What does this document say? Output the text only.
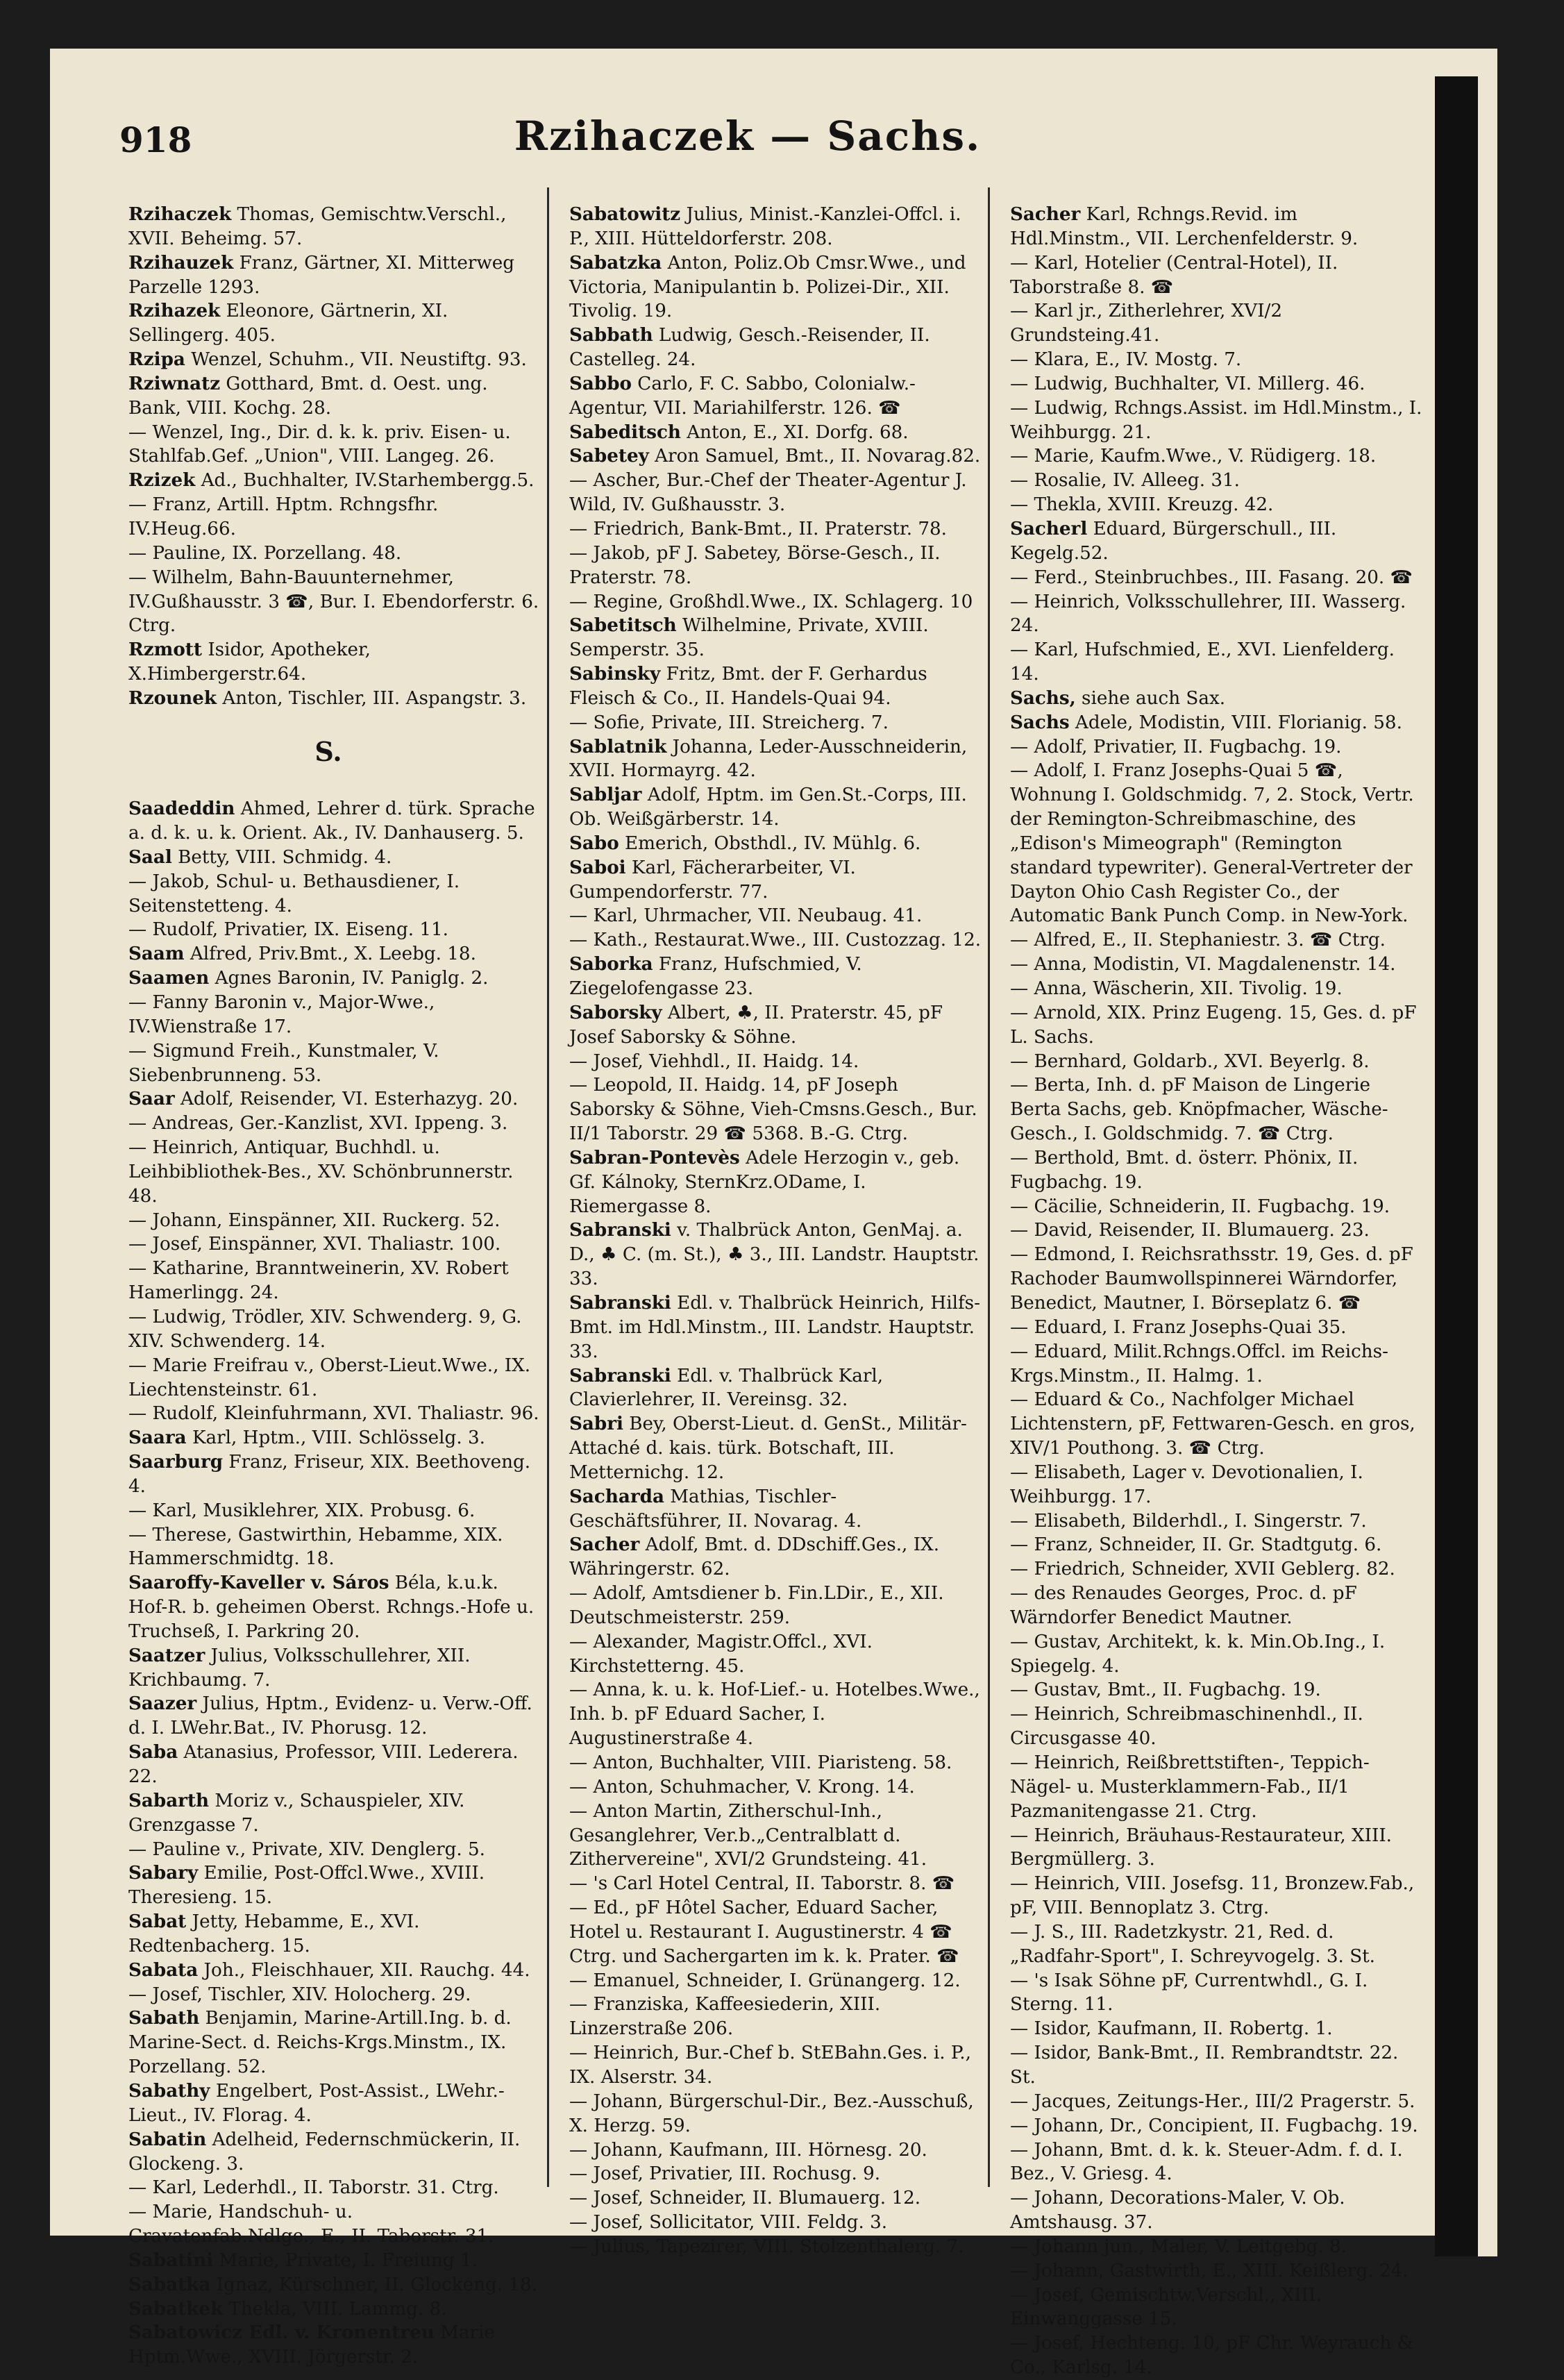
918	Rzihaczek — Sachs.

Rzihaczek Thomas, Gemischtw.Verschl., XVII. Beheimg. 57.

Rzihauzek Franz, Gärtner, XI. Mitterweg Parzelle 1293.

Rzihazek Eleonore, Gärtnerin, XI. Sellingerg. 405.

Rzipa Wenzel, Schuhm., VII. Neustiftg. 93.

Rziwnatz Gotthard, Bmt. d. Oest. ung. Bank, VIII. Kochg. 28.

— Wenzel, Ing., Dir. d. k. k. priv. Eisen- u. Stahlfab.Gef. „Union", VIII. Langeg. 26.

Rzizek Ad., Buchhalter, IV.Starhembergg.5.

— Franz, Artill. Hptm. Rchngsfhr. IV.Heug.66.

— Pauline, IX. Porzellang. 48.

— Wilhelm, Bahn-Bauunternehmer, IV.Gußhausstr. 3 ☎, Bur. I. Ebendorferstr. 6. Ctrg.

Rzmott Isidor, Apotheker, X.Himbergerstr.64.

Rzounek Anton, Tischler, III. Aspangstr. 3.

S.

Saadeddin Ahmed, Lehrer d. türk. Sprache a. d. k. u. k. Orient. Ak., IV. Danhauserg. 5.

Saal Betty, VIII. Schmidg. 4.

— Jakob, Schul- u. Bethausdiener, I. Seitenstetteng. 4.

— Rudolf, Privatier, IX. Eiseng. 11.

Saam Alfred, Priv.Bmt., X. Leebg. 18.

Saamen Agnes Baronin, IV. Paniglg. 2.

— Fanny Baronin v., Major-Wwe., IV.Wienstraße 17.

— Sigmund Freih., Kunstmaler, V. Siebenbrunneng. 53.

Saar Adolf, Reisender, VI. Esterhazyg. 20.

— Andreas, Ger.-Kanzlist, XVI. Ippeng. 3.

— Heinrich, Antiquar, Buchhdl. u. Leihbibliothek-Bes., XV. Schönbrunnerstr. 48.

— Johann, Einspänner, XII. Ruckerg. 52.

— Josef, Einspänner, XVI. Thaliastr. 100.

— Katharine, Branntweinerin, XV. Robert Hamerlingg. 24.

— Ludwig, Trödler, XIV. Schwenderg. 9, G. XIV. Schwenderg. 14.

— Marie Freifrau v., Oberst-Lieut.Wwe., IX. Liechtensteinstr. 61.

— Rudolf, Kleinfuhrmann, XVI. Thaliastr. 96.

Saara Karl, Hptm., VIII. Schlösselg. 3.

Saarburg Franz, Friseur, XIX. Beethoveng. 4.

— Karl, Musiklehrer, XIX. Probusg. 6.

— Therese, Gastwirthin, Hebamme, XIX. Hammerschmidtg. 18.

Saaroffy-Kaveller v. Sáros Béla, k.u.k. Hof-R. b. geheimen Oberst. Rchngs.-Hofe u. Truchseß, I. Parkring 20.

Saatzer Julius, Volksschullehrer, XII. Krichbaumg. 7.

Saazer Julius, Hptm., Evidenz- u. Verw.-Off. d. I. LWehr.Bat., IV. Phorusg. 12.

Saba Atanasius, Professor, VIII. Lederera. 22.

Sabarth Moriz v., Schauspieler, XIV. Grenzgasse 7.

— Pauline v., Private, XIV. Denglerg. 5.

Sabary Emilie, Post-Offcl.Wwe., XVIII. Theresieng. 15.

Sabat Jetty, Hebamme, E., XVI. Redtenbacherg. 15.

Sabata Joh., Fleischhauer, XII. Rauchg. 44.

— Josef, Tischler, XIV. Holocherg. 29.

Sabath Benjamin, Marine-Artill.Ing. b. d. Marine-Sect. d. Reichs-Krgs.Minstm., IX. Porzellang. 52.

Sabathy Engelbert, Post-Assist., LWehr.-Lieut., IV. Florag. 4.

Sabatin Adelheid, Federnschmückerin, II. Glockeng. 3.

— Karl, Lederhdl., II. Taborstr. 31. Ctrg.

— Marie, Handschuh- u. Cravatenfab.Ndlge., E., II. Taborstr. 31.

Sabatini Marie, Private, I. Freiung 1.

Sabatka Ignaz, Kürschner, II. Glockeng. 18.

Sabatkek Thekla, VIII. Lammg. 8.

Sabatowicz Edl. v. Kronentreu Marie Hptm.Wwe., XVIII. Jörgerstr. 2.

Sabatowitz Julius, Minist.-Kanzlei-Offcl. i. P., XIII. Hütteldorferstr. 208.

Sabatzka Anton, Poliz.Ob Cmsr.Wwe., und Victoria, Manipulantin b. Polizei-Dir., XII. Tivolig. 19.

Sabbath Ludwig, Gesch.-Reisender, II. Castelleg. 24.

Sabbo Carlo, F. C. Sabbo, Colonialw.-Agentur, VII. Mariahilferstr. 126. ☎

Sabeditsch Anton, E., XI. Dorfg. 68.

Sabetey Aron Samuel, Bmt., II. Novarag.82.

— Ascher, Bur.-Chef der Theater-Agentur J. Wild, IV. Gußhausstr. 3.

— Friedrich, Bank-Bmt., II. Praterstr. 78.

— Jakob, pF J. Sabetey, Börse-Gesch., II. Praterstr. 78.

— Regine, Großhdl.Wwe., IX. Schlagerg. 10

Sabetitsch Wilhelmine, Private, XVIII. Semperstr. 35.

Sabinsky Fritz, Bmt. der F. Gerhardus Fleisch & Co., II. Handels-Quai 94.

— Sofie, Private, III. Streicherg. 7.

Sablatnik Johanna, Leder-Ausschneiderin, XVII. Hormayrg. 42.

Sabljar Adolf, Hptm. im Gen.St.-Corps, III. Ob. Weißgärberstr. 14.

Sabo Emerich, Obsthdl., IV. Mühlg. 6.

Saboi Karl, Fächerarbeiter, VI. Gumpendorferstr. 77.

— Karl, Uhrmacher, VII. Neubaug. 41.

— Kath., Restaurat.Wwe., III. Custozzag. 12.

Saborka Franz, Hufschmied, V. Ziegelofengasse 23.

Saborsky Albert, ♣, II. Praterstr. 45, pF Josef Saborsky & Söhne.

— Josef, Viehhdl., II. Haidg. 14.

— Leopold, II. Haidg. 14, pF Joseph Saborsky & Söhne, Vieh-Cmsns.Gesch., Bur. II/1 Taborstr. 29 ☎ 5368. B.-G. Ctrg.

Sabran-Pontevès Adele Herzogin v., geb. Gf. Kálnoky, SternKrz.ODame, I. Riemergasse 8.

Sabranski v. Thalbrück Anton, GenMaj. a. D., ♣ C. (m. St.), ♣ 3., III. Landstr. Hauptstr. 33.

Sabranski Edl. v. Thalbrück Heinrich, Hilfs-Bmt. im Hdl.Minstm., III. Landstr. Hauptstr. 33.

Sabranski Edl. v. Thalbrück Karl, Clavierlehrer, II. Vereinsg. 32.

Sabri Bey, Oberst-Lieut. d. GenSt., Militär-Attaché d. kais. türk. Botschaft, III. Metternichg. 12.

Sacharda Mathias, Tischler-Geschäftsführer, II. Novarag. 4.

Sacher Adolf, Bmt. d. DDschiff.Ges., IX. Währingerstr. 62.

— Adolf, Amtsdiener b. Fin.LDir., E., XII. Deutschmeisterstr. 259.

— Alexander, Magistr.Offcl., XVI. Kirchstetterng. 45.

— Anna, k. u. k. Hof-Lief.- u. Hotelbes.Wwe., Inh. b. pF Eduard Sacher, I. Augustinerstraße 4.

— Anton, Buchhalter, VIII. Piaristeng. 58.

— Anton, Schuhmacher, V. Krong. 14.

— Anton Martin, Zitherschul-Inh., Gesanglehrer, Ver.b.„Centralblatt d. Zithervereine", XVI/2 Grundsteing. 41.

— 's Carl Hotel Central, II. Taborstr. 8. ☎

— Ed., pF Hôtel Sacher, Eduard Sacher, Hotel u. Restaurant I. Augustinerstr. 4 ☎ Ctrg. und Sachergarten im k. k. Prater. ☎

— Emanuel, Schneider, I. Grünangerg. 12.

— Franziska, Kaffeesiederin, XIII. Linzerstraße 206.

— Heinrich, Bur.-Chef b. StEBahn.Ges. i. P., IX. Alserstr. 34.

— Johann, Bürgerschul-Dir., Bez.-Ausschuß, X. Herzg. 59.

— Johann, Kaufmann, III. Hörnesg. 20.

— Josef, Privatier, III. Rochusg. 9.

— Josef, Schneider, II. Blumauerg. 12.

— Josef, Sollicitator, VIII. Feldg. 3.

— Julius, Tapezirer, VIII. Stolzenthalerg. 7.

Sacher Karl, Rchngs.Revid. im Hdl.Minstm., VII. Lerchenfelderstr. 9.

— Karl, Hotelier (Central-Hotel), II. Taborstraße 8. ☎

— Karl jr., Zitherlehrer, XVI/2 Grundsteing.41.

— Klara, E., IV. Mostg. 7.

— Ludwig, Buchhalter, VI. Millerg. 46.

— Ludwig, Rchngs.Assist. im Hdl.Minstm., I. Weihburgg. 21.

— Marie, Kaufm.Wwe., V. Rüdigerg. 18.

— Rosalie, IV. Alleeg. 31.

— Thekla, XVIII. Kreuzg. 42.

Sacherl Eduard, Bürgerschull., III. Kegelg.52.

— Ferd., Steinbruchbes., III. Fasang. 20. ☎

— Heinrich, Volksschullehrer, III. Wasserg. 24.

— Karl, Hufschmied, E., XVI. Lienfelderg. 14.

Sachs, siehe auch Sax.

Sachs Adele, Modistin, VIII. Florianig. 58.

— Adolf, Privatier, II. Fugbachg. 19.

— Adolf, I. Franz Josephs-Quai 5 ☎, Wohnung I. Goldschmidg. 7, 2. Stock, Vertr. der Remington-Schreibmaschine, des „Edison's Mimeograph" (Remington standard typewriter). General-Vertreter der Dayton Ohio Cash Register Co., der Automatic Bank Punch Comp. in New-York.

— Alfred, E., II. Stephaniestr. 3. ☎ Ctrg.

— Anna, Modistin, VI. Magdalenenstr. 14.

— Anna, Wäscherin, XII. Tivolig. 19.

— Arnold, XIX. Prinz Eugeng. 15, Ges. d. pF L. Sachs.

— Bernhard, Goldarb., XVI. Beyerlg. 8.

— Berta, Inh. d. pF Maison de Lingerie Berta Sachs, geb. Knöpfmacher, Wäsche-Gesch., I. Goldschmidg. 7. ☎ Ctrg.

— Berthold, Bmt. d. österr. Phönix, II. Fugbachg. 19.

— Cäcilie, Schneiderin, II. Fugbachg. 19.

— David, Reisender, II. Blumauerg. 23.

— Edmond, I. Reichsrathsstr. 19, Ges. d. pF Rachoder Baumwollspinnerei Wärndorfer, Benedict, Mautner, I. Börseplatz 6. ☎

— Eduard, I. Franz Josephs-Quai 35.

— Eduard, Milit.Rchngs.Offcl. im Reichs-Krgs.Minstm., II. Halmg. 1.

— Eduard & Co., Nachfolger Michael Lichtenstern, pF, Fettwaren-Gesch. en gros, XIV/1 Pouthong. 3. ☎ Ctrg.

— Elisabeth, Lager v. Devotionalien, I. Weihburgg. 17.

— Elisabeth, Bilderhdl., I. Singerstr. 7.

— Franz, Schneider, II. Gr. Stadtgutg. 6.

— Friedrich, Schneider, XVII Geblerg. 82.

— des Renaudes Georges, Proc. d. pF Wärndorfer Benedict Mautner.

— Gustav, Architekt, k. k. Min.Ob.Ing., I. Spiegelg. 4.

— Gustav, Bmt., II. Fugbachg. 19.

— Heinrich, Schreibmaschinenhdl., II. Circusgasse 40.

— Heinrich, Reißbrettstiften-, Teppich-Nägel- u. Musterklammern-Fab., II/1 Pazmanitengasse 21. Ctrg.

— Heinrich, Bräuhaus-Restaurateur, XIII. Bergmüllerg. 3.

— Heinrich, VIII. Josefsg. 11, Bronzew.Fab., pF, VIII. Bennoplatz 3. Ctrg.

— J. S., III. Radetzkystr. 21, Red. d. „Radfahr-Sport", I. Schreyvogelg. 3. St.

— 's Isak Söhne pF, Currentwhdl., G. I. Sterng. 11.

— Isidor, Kaufmann, II. Robertg. 1.

— Isidor, Bank-Bmt., II. Rembrandtstr. 22. St.

— Jacques, Zeitungs-Her., III/2 Pragerstr. 5.

— Johann, Dr., Concipient, II. Fugbachg. 19.

— Johann, Bmt. d. k. k. Steuer-Adm. f. d. I. Bez., V. Griesg. 4.

— Johann, Decorations-Maler, V. Ob. Amtshausg. 37.

— Johann jun., Maler, V. Leitgebg. 8.

— Johann, Gastwirth, E., XIII. Keißlerg. 24.

— Josef, Gemischtw.Verschl., XIII. Einwanggasse 15.

— Josef, Hechteng. 10, pF Chr. Weyrauch & Co., Karlsg. 14.
